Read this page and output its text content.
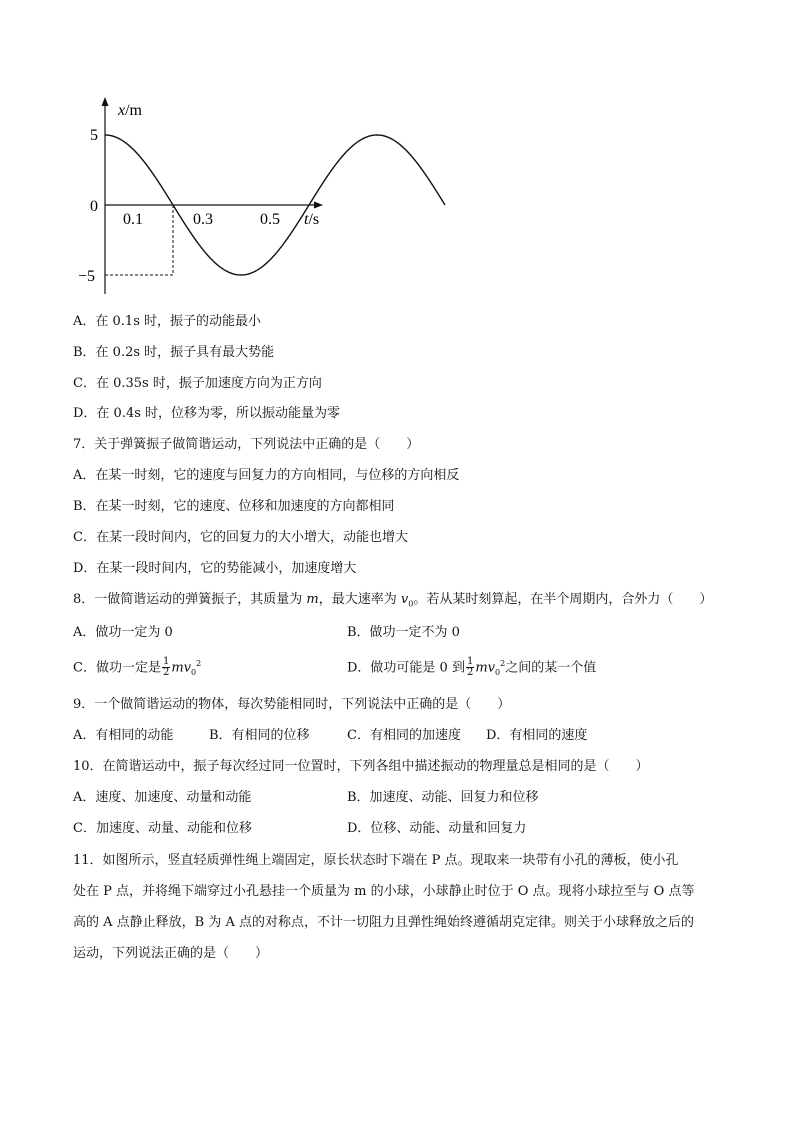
x/m
5
0
−5
0.1	0.3	0.5 t/s
A．在 0.1s 时，振子的动能最小
B．在 0.2s 时，振子具有最大势能
C．在 0.35s 时，振子加速度方向为正方向
D．在 0.4s 时，位移为零，所以振动能量为零
7．关于弹簧振子做简谐运动，下列说法中正确的是（　　）
A．在某一时刻，它的速度与回复力的方向相同，与位移的方向相反
B．在某一时刻，它的速度、位移和加速度的方向都相同
C．在某一段时间内，它的回复力的大小增大，动能也增大
D．在某一段时间内，它的势能减小，加速度增大
8．一做简谐运动的弹簧振子，其质量为 m，最大速率为 $v_0$。若从某时刻算起，在半个周期内，合外力（　　）
A．做功一定为 0	B．做功一定不为 0
C．做功一定是 $\frac{1}{2} mv_0^2$	D．做功可能是 0 到 $\frac{1}{2} mv_0^2$之间的某一个值
9．一个做简谐运动的物体，每次势能相同时，下列说法中正确的是（　　）
A．有相同的动能	B．有相同的位移	C．有相同的加速度 D．有相同的速度
10．在简谐运动中，振子每次经过同一位置时，下列各组中描述振动的物理量总是相同的是（　　）
A．速度、加速度、动量和动能	B．加速度、动能、回复力和位移
C．加速度、动量、动能和位移	D．位移、动能、动量和回复力
11．如图所示，竖直轻质弹性绳上端固定，原长状态时下端在 P 点。现取来一块带有小孔的薄板，使小孔
处在 P 点，并将绳下端穿过小孔悬挂一个质量为 m 的小球，小球静止时位于 O 点。现将小球拉至与 O 点等
高的 A 点静止释放，B 为 A 点的对称点，不计一切阻力且弹性绳始终遵循胡克定律。则关于小球释放之后的
运动，下列说法正确的是（　　）
